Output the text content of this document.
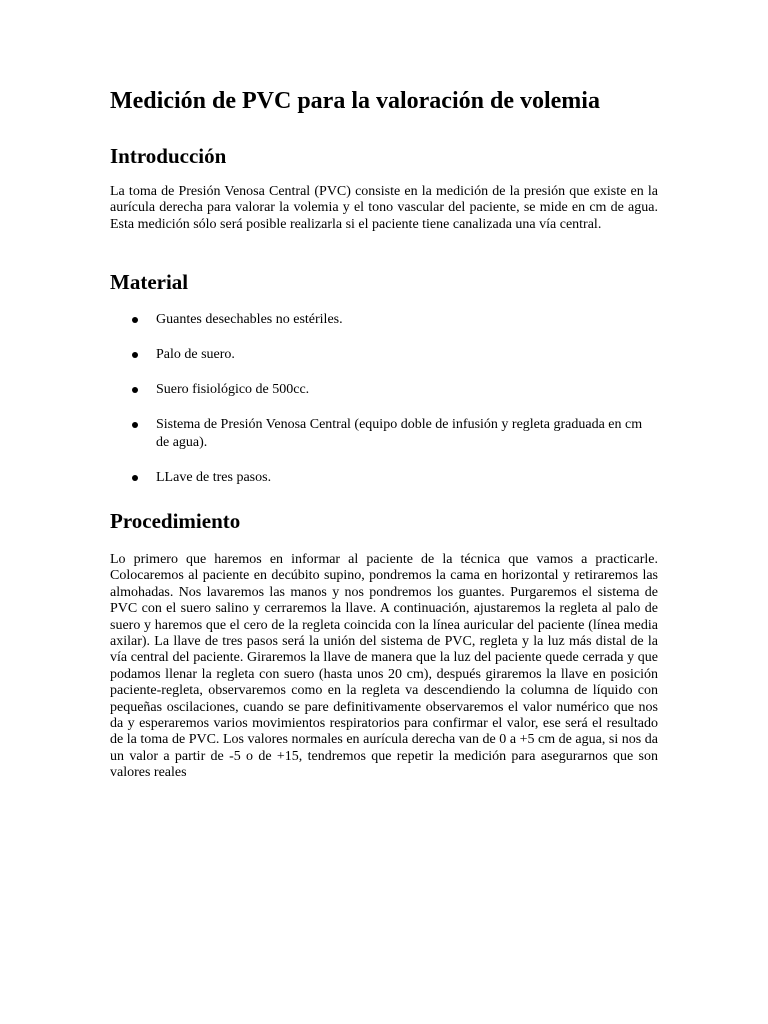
Medición de PVC para la valoración de volemia
Introducción

La toma de Presión Venosa Central (PVC) consiste en la medición de la presión que existe en la aurícula derecha para valorar la volemia y el tono vascular del paciente, se mide en cm de agua. Esta medición sólo será posible realizarla si el paciente tiene canalizada una vía central.

Material
Guantes desechables no estériles.
Palo de suero.
Suero fisiológico de 500cc.
Sistema de Presión Venosa Central (equipo doble de infusión y regleta graduada en cm de agua).
LLave de tres pasos.
Procedimiento

Lo primero que haremos en informar al paciente de la técnica que vamos a practicarle. Colocaremos al paciente en decúbito supino, pondremos la cama en horizontal y retiraremos las almohadas. Nos lavaremos las manos y nos pondremos los guantes. Purgaremos el sistema de PVC con el suero salino y cerraremos la llave. A continuación, ajustaremos la regleta al palo de suero y haremos que el cero de la regleta coincida con la línea auricular del paciente (línea media axilar). La llave de tres pasos será la unión del sistema de PVC, regleta y la luz más distal de la vía central del paciente. Giraremos la llave de manera que la luz del paciente quede cerrada y que podamos llenar la regleta con suero (hasta unos 20 cm), después giraremos la llave en posición paciente-regleta, observaremos como en la regleta va descendiendo la columna de líquido con pequeñas oscilaciones, cuando se pare definitivamente observaremos el valor numérico que nos da y esperaremos varios movimientos respiratorios para confirmar el valor, ese será el resultado de la toma de PVC. Los valores normales en aurícula derecha van de 0 a +5 cm de agua, si nos da un valor a partir de -5 o de +15, tendremos que repetir la medición para asegurarnos que son valores reales
